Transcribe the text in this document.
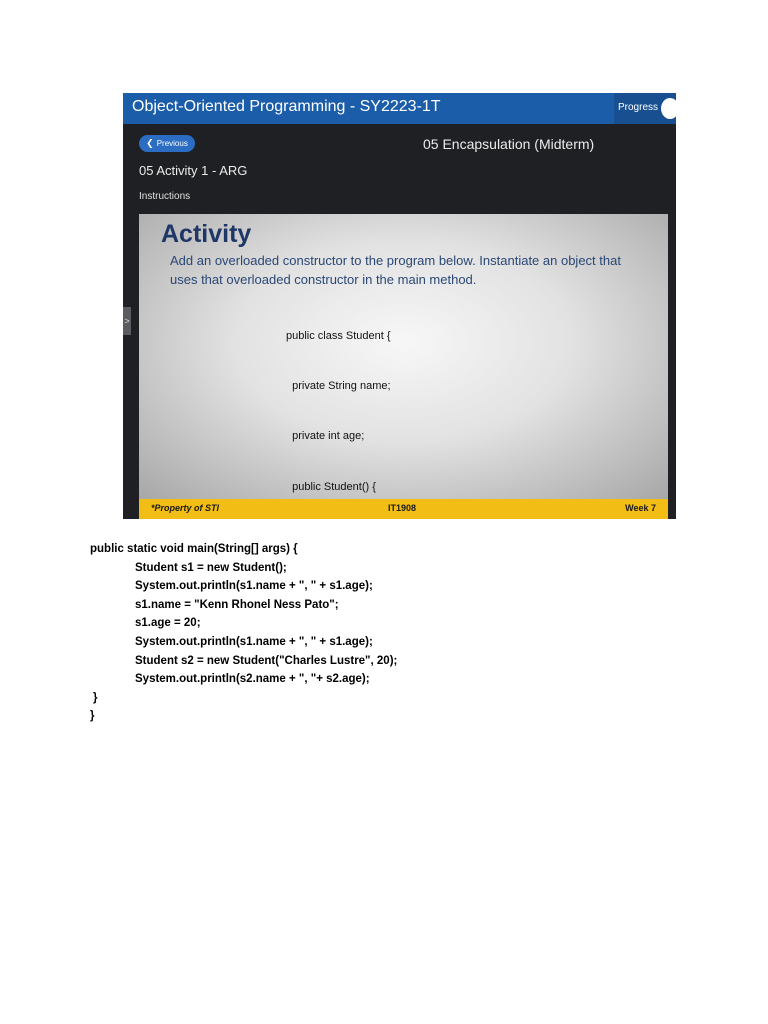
Object-Oriented Programming - SY2223-1T	Progress
❮ Previous	05 Encapsulation (Midterm)
05 Activity 1 - ARG
Instructions
>
Activity
Add an overloaded constructor to the program below. Instantiate an object that uses that overloaded constructor in the main method.

public class Student {

private String name;

private int age;

public Student() {

*Property of STI	IT1908	Week 7
public static void main(String[] args) {
Student s1 = new Student();
System.out.println(s1.name + ", " + s1.age);
s1.name = "Kenn Rhonel Ness Pato";
s1.age = 20;
System.out.println(s1.name + ", " + s1.age);
Student s2 = new Student("Charles Lustre", 20);
System.out.println(s2.name + ", "+ s2.age);
}
}
